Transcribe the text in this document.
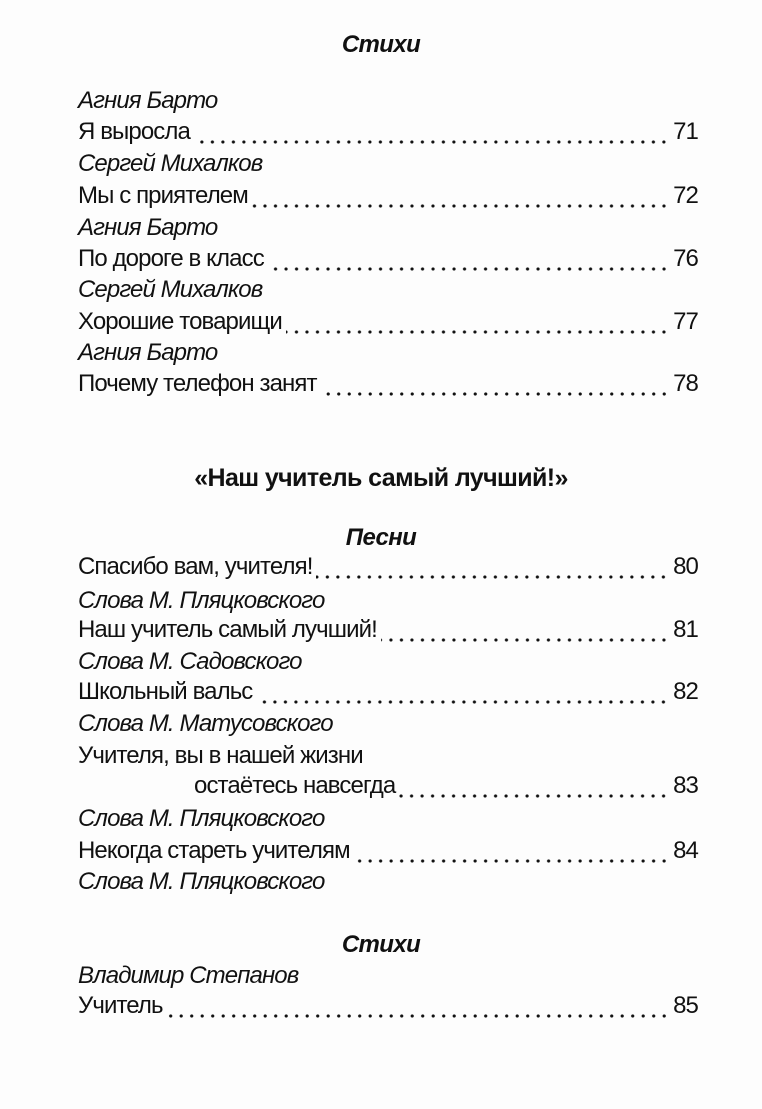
Стихи
Агния Барто
Я выросла	71
Сергей Михалков
Мы с приятелем	72
Агния Барто
По дороге в класс	76
Сергей Михалков
Хорошие товарищи	77
Агния Барто
Почему телефон занят	78
«Наш учитель самый лучший!»
Песни
Спасибо вам, учителя!	80
Слова М. Пляцковского
Наш учитель самый лучший!	81
Слова М. Садовского
Школьный вальс	82
Слова М. Матусовского
Учителя, вы в нашей жизни
остаётесь навсегда	83
Слова М. Пляцковского
Некогда стареть учителям	84
Слова М. Пляцковского
Стихи
Владимир Степанов
Учитель	85
